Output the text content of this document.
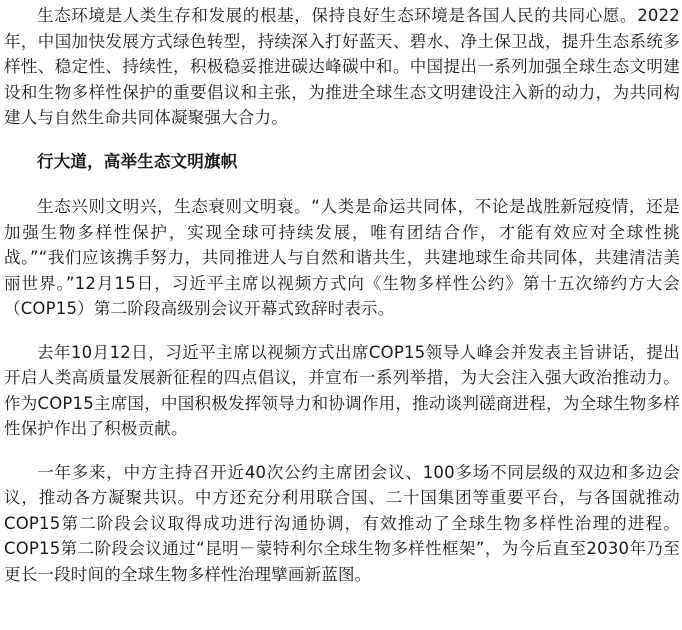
生态环境是人类生存和发展的根基，保持良好生态环境是各国人民的共同心愿。2022年，中国加快发展方式绿色转型，持续深入打好蓝天、碧水、净土保卫战，提升生态系统多样性、稳定性、持续性，积极稳妥推进碳达峰碳中和。中国提出一系列加强全球生态文明建设和生物多样性保护的重要倡议和主张，为推进全球生态文明建设注入新的动力，为共同构建人与自然生命共同体凝聚强大合力。

行大道，高举生态文明旗帜

生态兴则文明兴，生态衰则文明衰。“人类是命运共同体，不论是战胜新冠疫情，还是加强生物多样性保护，实现全球可持续发展，唯有团结合作，才能有效应对全球性挑战。”“我们应该携手努力，共同推进人与自然和谐共生，共建地球生命共同体，共建清洁美丽世界。”12月15日，习近平主席以视频方式向《生物多样性公约》第十五次缔约方大会（COP15）第二阶段高级别会议开幕式致辞时表示。

去年10月12日，习近平主席以视频方式出席COP15领导人峰会并发表主旨讲话，提出开启人类高质量发展新征程的四点倡议，并宣布一系列举措，为大会注入强大政治推动力。作为COP15主席国，中国积极发挥领导力和协调作用，推动谈判磋商进程，为全球生物多样性保护作出了积极贡献。

一年多来，中方主持召开近40次公约主席团会议、100多场不同层级的双边和多边会议，推动各方凝聚共识。中方还充分利用联合国、二十国集团等重要平台，与各国就推动COP15第二阶段会议取得成功进行沟通协调，有效推动了全球生物多样性治理的进程。COP15第二阶段会议通过“昆明－蒙特利尔全球生物多样性框架”，为今后直至2030年乃至更长一段时间的全球生物多样性治理擘画新蓝图。
